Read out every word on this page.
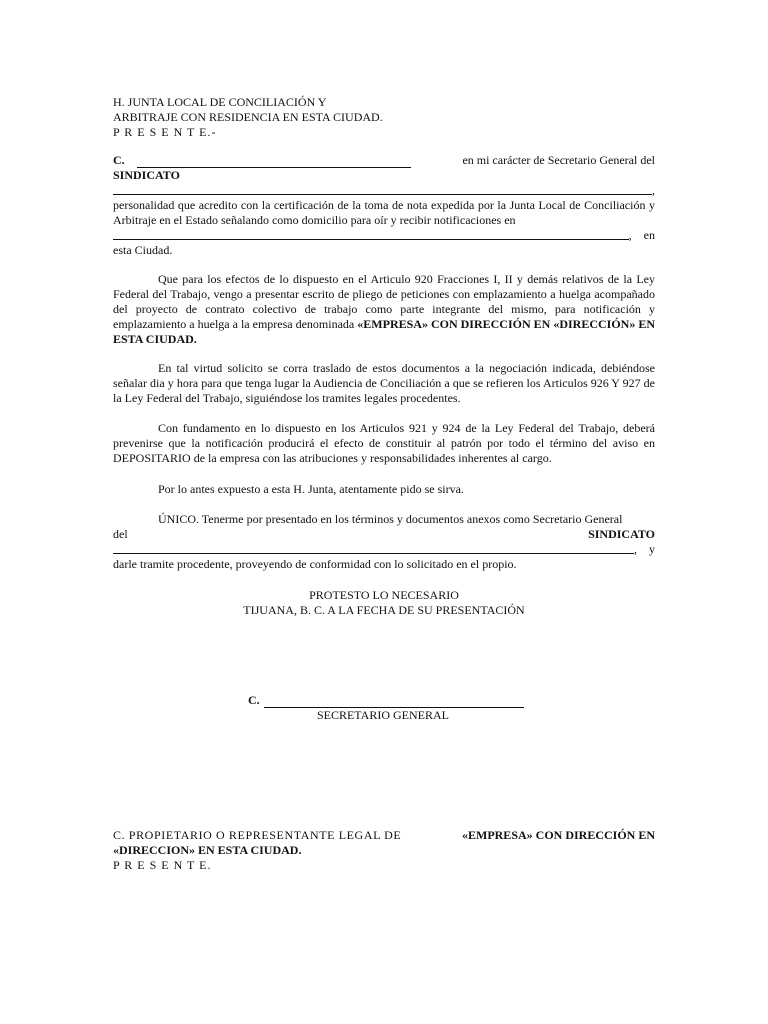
H. JUNTA LOCAL DE CONCILIACIÓN Y
ARBITRAJE CON RESIDENCIA EN ESTA CIUDAD.
P R E S E N T E.-
C.	en mi carácter de Secretario General del
SINDICATO
,
personalidad que acredito con la certificación de la toma de nota expedida por la Junta Local de Conciliación y Arbitraje en el Estado señalando como domicilio para oír y recibir notificaciones en
,    en
esta Ciudad.
Que para los efectos de lo dispuesto en el Articulo 920 Fracciones I, II y demás relativos de la Ley Federal del Trabajo, vengo a presentar escrito de pliego de peticiones con emplazamiento a huelga acompañado del proyecto de contrato colectivo de trabajo como parte integrante del mismo, para notificación y emplazamiento a huelga a la empresa denominada «EMPRESA» CON DIRECCIÓN EN «DIRECCIÓN» EN ESTA CIUDAD.
En tal virtud solicito se corra traslado de estos documentos a la negociación indicada, debiéndose señalar dia y hora para que tenga lugar la Audiencia de Conciliación a que se refieren los Articulos 926 Y 927 de la Ley Federal del Trabajo, siguiéndose los tramites legales procedentes.
Con fundamento en lo dispuesto en los Articulos 921 y 924 de la Ley Federal del Trabajo, deberá prevenirse que la notificación producirá el efecto de constituir al patrón por todo el término del aviso en DEPOSITARIO de la empresa con las atribuciones y responsabilidades inherentes al cargo.
Por lo antes expuesto a esta H. Junta, atentamente pido se sirva.
ÚNICO. Tenerme por presentado en los términos y documentos anexos como Secretario General
del	SINDICATO
,    y
darle tramite procedente, proveyendo de conformidad con lo solicitado en el propio.
PROTESTO LO NECESARIO
TIJUANA, B. C. A LA FECHA DE SU PRESENTACIÓN
C.
SECRETARIO GENERAL
C. PROPIETARIO O REPRESENTANTE LEGAL DE	«EMPRESA» CON DIRECCIÓN EN
«DIRECCION» EN ESTA CIUDAD.
P R E S E N T E.
